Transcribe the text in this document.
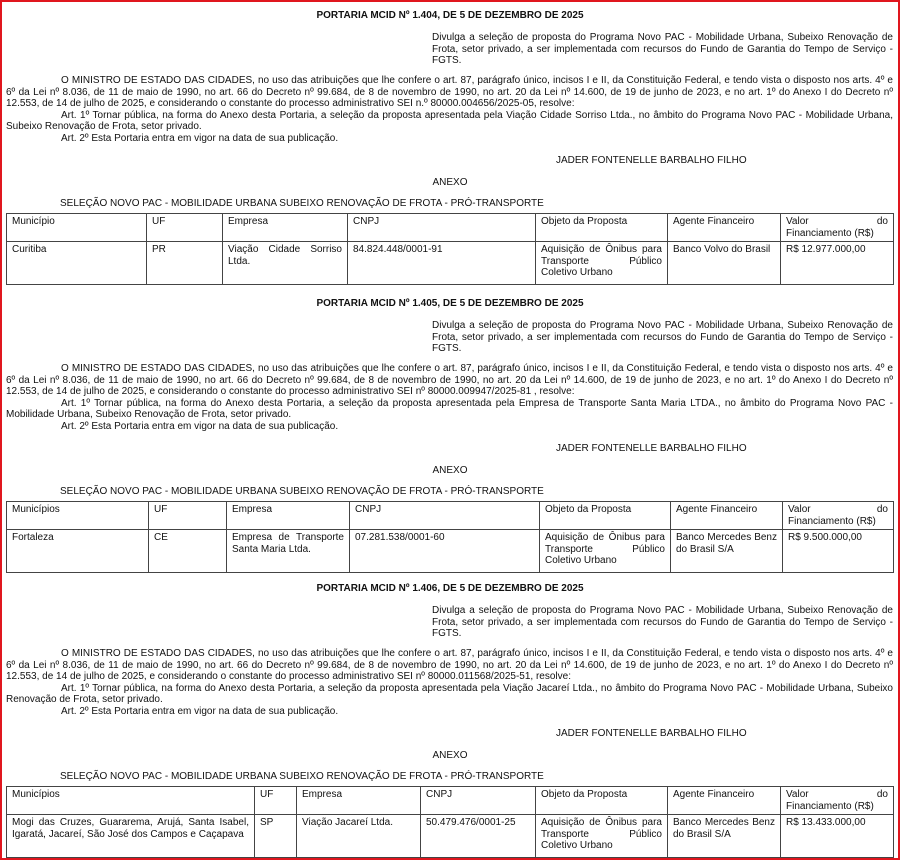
PORTARIA MCID Nº 1.404, DE 5 DE DEZEMBRO DE 2025
Divulga a seleção de proposta do Programa Novo PAC - Mobilidade Urbana, Subeixo Renovação de Frota, setor privado, a ser implementada com recursos do Fundo de Garantia do Tempo de Serviço - FGTS.

O MINISTRO DE ESTADO DAS CIDADES, no uso das atribuições que lhe confere o art. 87, parágrafo único, incisos I e II, da Constituição Federal, e tendo vista o disposto nos arts. 4º e 6º da Lei nº 8.036, de 11 de maio de 1990, no art. 66 do Decreto nº 99.684, de 8 de novembro de 1990, no art. 20 da Lei nº 14.600, de 19 de junho de 2023, e no art. 1º do Anexo I do Decreto nº 12.553, de 14 de julho de 2025, e considerando o constante do processo administrativo SEI n.º 80000.004656/2025-05, resolve:

Art. 1º Tornar pública, na forma do Anexo desta Portaria, a seleção da proposta apresentada pela Viação Cidade Sorriso Ltda., no âmbito do Programa Novo PAC - Mobilidade Urbana, Subeixo Renovação de Frota, setor privado.

Art. 2º Esta Portaria entra em vigor na data de sua publicação.

JADER FONTENELLE BARBALHO FILHO
ANEXO
SELEÇÃO NOVO PAC - MOBILIDADE URBANA SUBEIXO RENOVAÇÃO DE FROTA - PRÓ-TRANSPORTE
Município	UF	Empresa	CNPJ	Objeto da Proposta	Agente Financeiro	Valor do Financiamento (R$)
Curitiba	PR	Viação Cidade Sorriso Ltda.	84.824.448/0001-91	Aquisição de Ônibus para Transporte Público Coletivo Urbano	Banco Volvo do Brasil	R$ 12.977.000,00
PORTARIA MCID Nº 1.405, DE 5 DE DEZEMBRO DE 2025
Divulga a seleção de proposta do Programa Novo PAC - Mobilidade Urbana, Subeixo Renovação de Frota, setor privado, a ser implementada com recursos do Fundo de Garantia do Tempo de Serviço - FGTS.

O MINISTRO DE ESTADO DAS CIDADES, no uso das atribuições que lhe confere o art. 87, parágrafo único, incisos I e II, da Constituição Federal, e tendo vista o disposto nos arts. 4º e 6º da Lei nº 8.036, de 11 de maio de 1990, no art. 66 do Decreto nº 99.684, de 8 de novembro de 1990, no art. 20 da Lei nº 14.600, de 19 de junho de 2023, e no art. 1º do Anexo I do Decreto nº 12.553, de 14 de julho de 2025, e considerando o constante do processo administrativo SEI nº 80000.009947/2025-81 , resolve:

Art. 1º Tornar pública, na forma do Anexo desta Portaria, a seleção da proposta apresentada pela Empresa de Transporte Santa Maria LTDA., no âmbito do Programa Novo PAC - Mobilidade Urbana, Subeixo Renovação de Frota, setor privado.

Art. 2º Esta Portaria entra em vigor na data de sua publicação.

JADER FONTENELLE BARBALHO FILHO
ANEXO
SELEÇÃO NOVO PAC - MOBILIDADE URBANA SUBEIXO RENOVAÇÃO DE FROTA - PRÓ-TRANSPORTE
Municípios	UF	Empresa	CNPJ	Objeto da Proposta	Agente Financeiro	Valor do Financiamento (R$)
Fortaleza	CE	Empresa de Transporte Santa Maria Ltda.	07.281.538/0001-60	Aquisição de Ônibus para Transporte Público Coletivo Urbano	Banco Mercedes Benz do Brasil S/A	R$ 9.500.000,00
PORTARIA MCID Nº 1.406, DE 5 DE DEZEMBRO DE 2025
Divulga a seleção de proposta do Programa Novo PAC - Mobilidade Urbana, Subeixo Renovação de Frota, setor privado, a ser implementada com recursos do Fundo de Garantia do Tempo de Serviço - FGTS.

O MINISTRO DE ESTADO DAS CIDADES, no uso das atribuições que lhe confere o art. 87, parágrafo único, incisos I e II, da Constituição Federal, e tendo vista o disposto nos arts. 4º e 6º da Lei nº 8.036, de 11 de maio de 1990, no art. 66 do Decreto nº 99.684, de 8 de novembro de 1990, no art. 20 da Lei nº 14.600, de 19 de junho de 2023, e no art. 1º do Anexo I do Decreto nº 12.553, de 14 de julho de 2025, e considerando o constante do processo administrativo SEI nº 80000.011568/2025-51, resolve:

Art. 1º Tornar pública, na forma do Anexo desta Portaria, a seleção da proposta apresentada pela Viação Jacareí Ltda., no âmbito do Programa Novo PAC - Mobilidade Urbana, Subeixo Renovação de Frota, setor privado.

Art. 2º Esta Portaria entra em vigor na data de sua publicação.

JADER FONTENELLE BARBALHO FILHO
ANEXO
SELEÇÃO NOVO PAC - MOBILIDADE URBANA SUBEIXO RENOVAÇÃO DE FROTA - PRÓ-TRANSPORTE
Municípios	UF	Empresa	CNPJ	Objeto da Proposta	Agente Financeiro	Valor do Financiamento (R$)
Mogi das Cruzes, Guararema, Arujá, Santa Isabel, Igaratá, Jacareí, São José dos Campos e Caçapava	SP	Viação Jacareí Ltda.	50.479.476/0001-25	Aquisição de Ônibus para Transporte Público Coletivo Urbano	Banco Mercedes Benz do Brasil S/A	R$ 13.433.000,00
